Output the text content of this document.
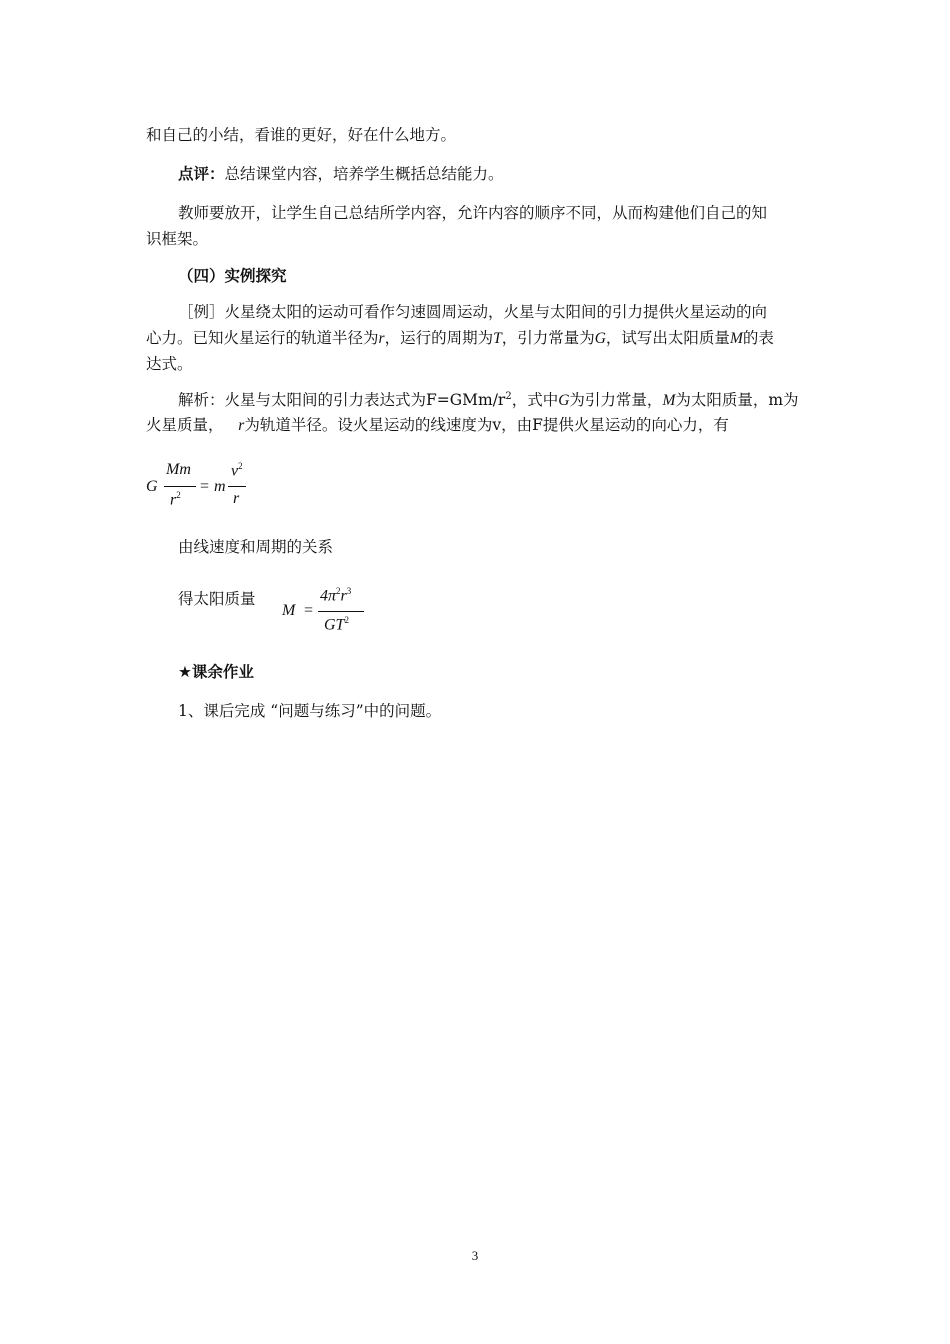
和自己的小结，看谁的更好，好在什么地方。
点评：总结课堂内容，培养学生概括总结能力。
教师要放开，让学生自己总结所学内容，允许内容的顺序不同，从而构建他们自己的知
识框架。
（四）实例探究
［例］火星绕太阳的运动可看作匀速圆周运动，火星与太阳间的引力提供火星运动的向
心力。已知火星运行的轨道半径为r，运行的周期为T，引力常量为G，试写出太阳质量M的表
达式。
解析：火星与太阳间的引力表达式为$F=GMm/r^2$，式中G为引力常量，M为太阳质量，m为
火星质量， r为轨道半径。设火星运动的线速度为v，由F提供火星运动的向心力，有
G
Mm
$r^2 = m$
$v^2$
r
由线速度和周期的关系
得太阳质量
M =
$4\pi^2r^3$
$GT^2$
★课余作业
1、课后完成 “问题与练习”中的问题。
3
